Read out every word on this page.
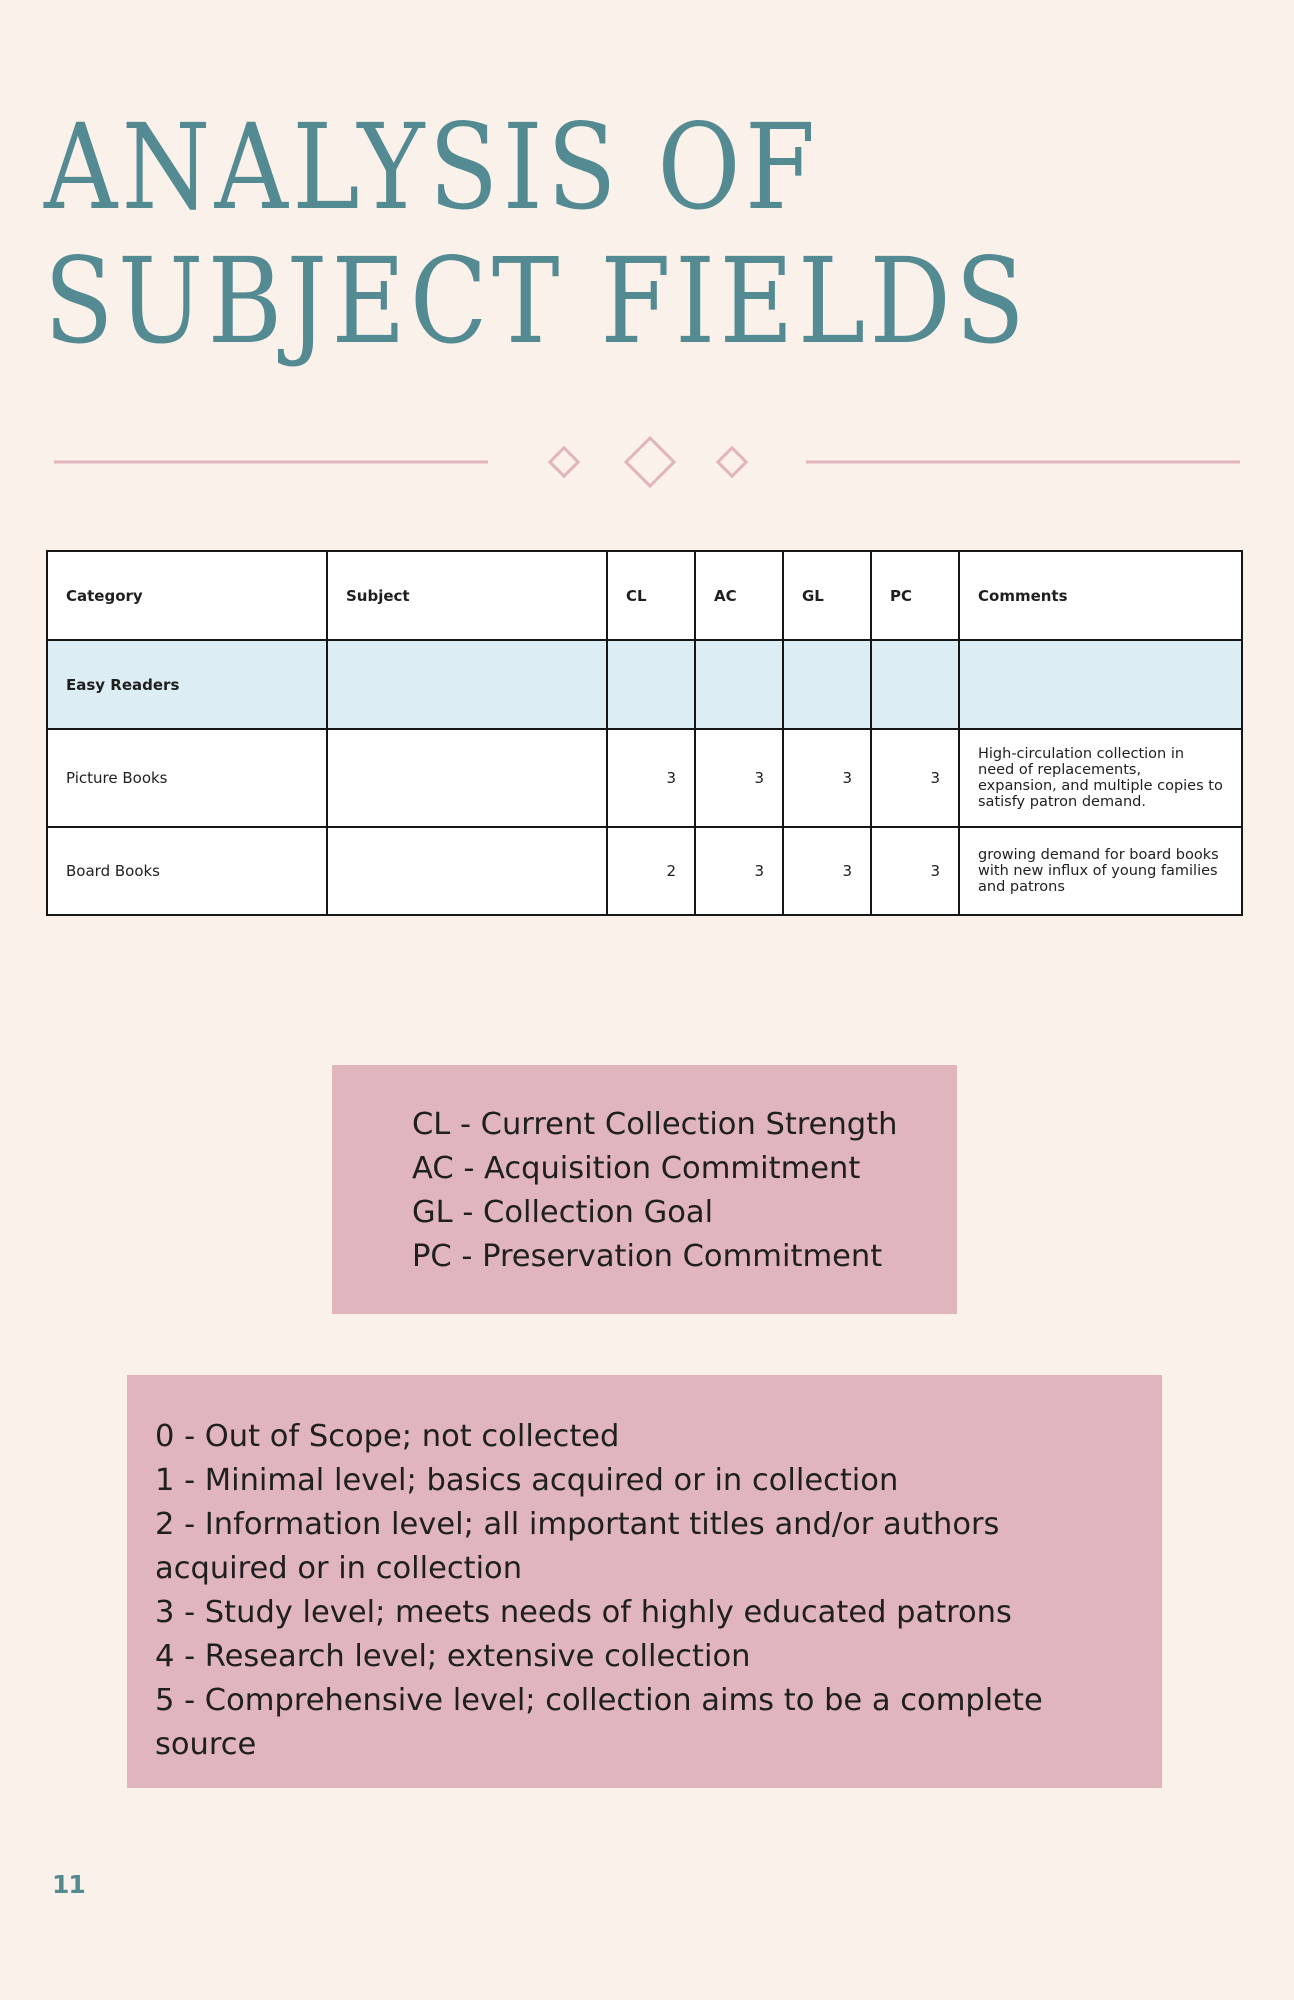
ANALYSIS OF
SUBJECT FIELDS
Category	Subject	CL	AC	GL	PC	Comments
Easy Readers						
Picture Books		3	3	3	3	High-circulation collection in need of replacements, expansion, and multiple copies to satisfy patron demand.
Board Books		2	3	3	3	growing demand for board books with new influx of young families and patrons
CL - Current Collection Strength
AC - Acquisition Commitment
GL - Collection Goal
PC - Preservation Commitment
0 - Out of Scope; not collected
1 - Minimal level; basics acquired or in collection
2 - Information level; all important titles and/or authors acquired or in collection
3 - Study level; meets needs of highly educated patrons
4 - Research level; extensive collection
5 - Comprehensive level; collection aims to be a complete source
11
